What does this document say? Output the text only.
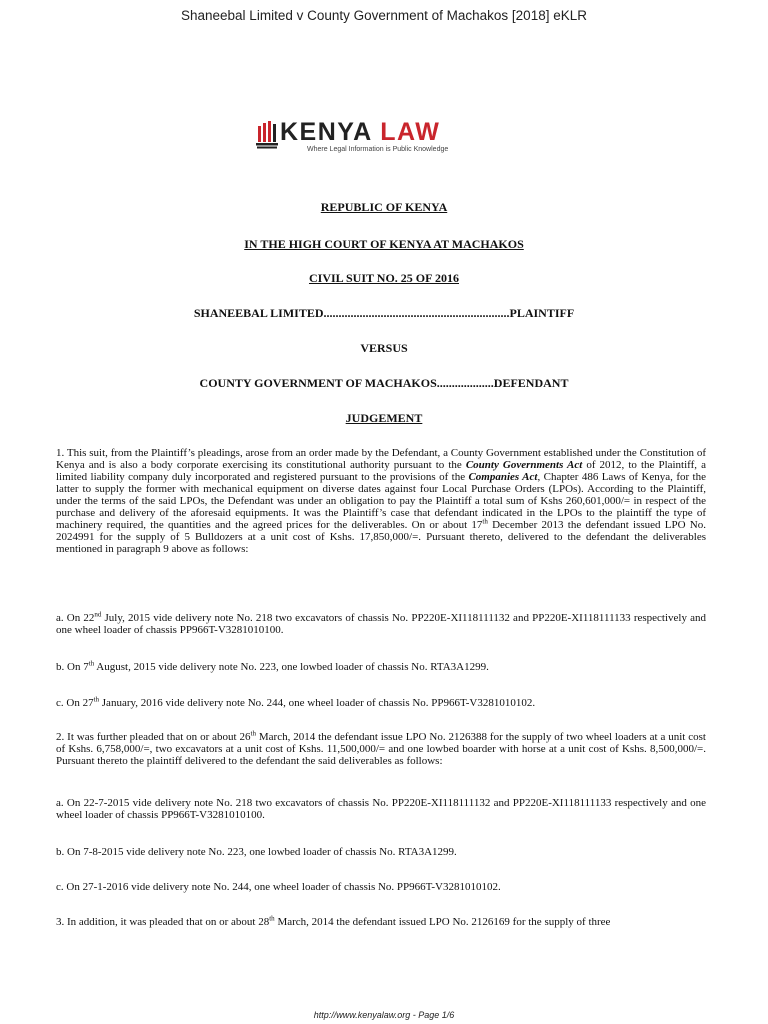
Shaneebal Limited v County Government of Machakos [2018] eKLR
KENYA LAW
Where Legal Information is Public Knowledge
REPUBLIC OF KENYA
IN THE HIGH COURT OF KENYA AT MACHAKOS
CIVIL SUIT NO. 25 OF 2016
SHANEEBAL LIMITED..............................................................PLAINTIFF
VERSUS
COUNTY GOVERNMENT OF MACHAKOS...................DEFENDANT
JUDGEMENT
1. This suit, from the Plaintiff’s pleadings, arose from an order made by the Defendant, a County Government established under the Constitution of Kenya and is also a body corporate exercising its constitutional authority pursuant to the County Governments Act of 2012, to the Plaintiff, a limited liability company duly incorporated and registered pursuant to the provisions of the Companies Act, Chapter 486 Laws of Kenya, for the latter to supply the former with mechanical equipment on diverse dates against four Local Purchase Orders (LPOs). According to the Plaintiff, under the terms of the said LPOs, the Defendant was under an obligation to pay the Plaintiff a total sum of Kshs 260,601,000/= in respect of the purchase and delivery of the aforesaid equipments. It was the Plaintiff’s case that defendant indicated in the LPOs to the plaintiff the type of machinery required, the quantities and the agreed prices for the deliverables. On or about 17th December 2013 the defendant issued LPO No. 2024991 for the supply of 5 Bulldozers at a unit cost of Kshs. 17,850,000/=. Pursuant thereto, delivered to the defendant the deliverables mentioned in paragraph 9 above as follows:
a. On 22nd July, 2015 vide delivery note No. 218 two excavators of chassis No. PP220E-XI118111132 and PP220E-XI118111133 respectively and one wheel loader of chassis PP966T-V3281010100.
b. On 7th August, 2015 vide delivery note No. 223, one lowbed loader of chassis No. RTA3A1299.
c. On 27th January, 2016 vide delivery note No. 244, one wheel loader of chassis No. PP966T-V3281010102.
2. It was further pleaded that on or about 26th March, 2014 the defendant issue LPO No. 2126388 for the supply of two wheel loaders at a unit cost of Kshs. 6,758,000/=, two excavators at a unit cost of Kshs. 11,500,000/= and one lowbed boarder with horse at a unit cost of Kshs. 8,500,000/=. Pursuant thereto the plaintiff delivered to the defendant the said deliverables as follows:
a. On 22-7-2015 vide delivery note No. 218 two excavators of chassis No. PP220E-XI118111132 and PP220E-XI118111133 respectively and one wheel loader of chassis PP966T-V3281010100.
b. On 7-8-2015 vide delivery note No. 223, one lowbed loader of chassis No. RTA3A1299.
c. On 27-1-2016 vide delivery note No. 244, one wheel loader of chassis No. PP966T-V3281010102.
3. In addition, it was pleaded that on or about 28th March, 2014 the defendant issued LPO No. 2126169 for the supply of three
http://www.kenyalaw.org - Page 1/6
